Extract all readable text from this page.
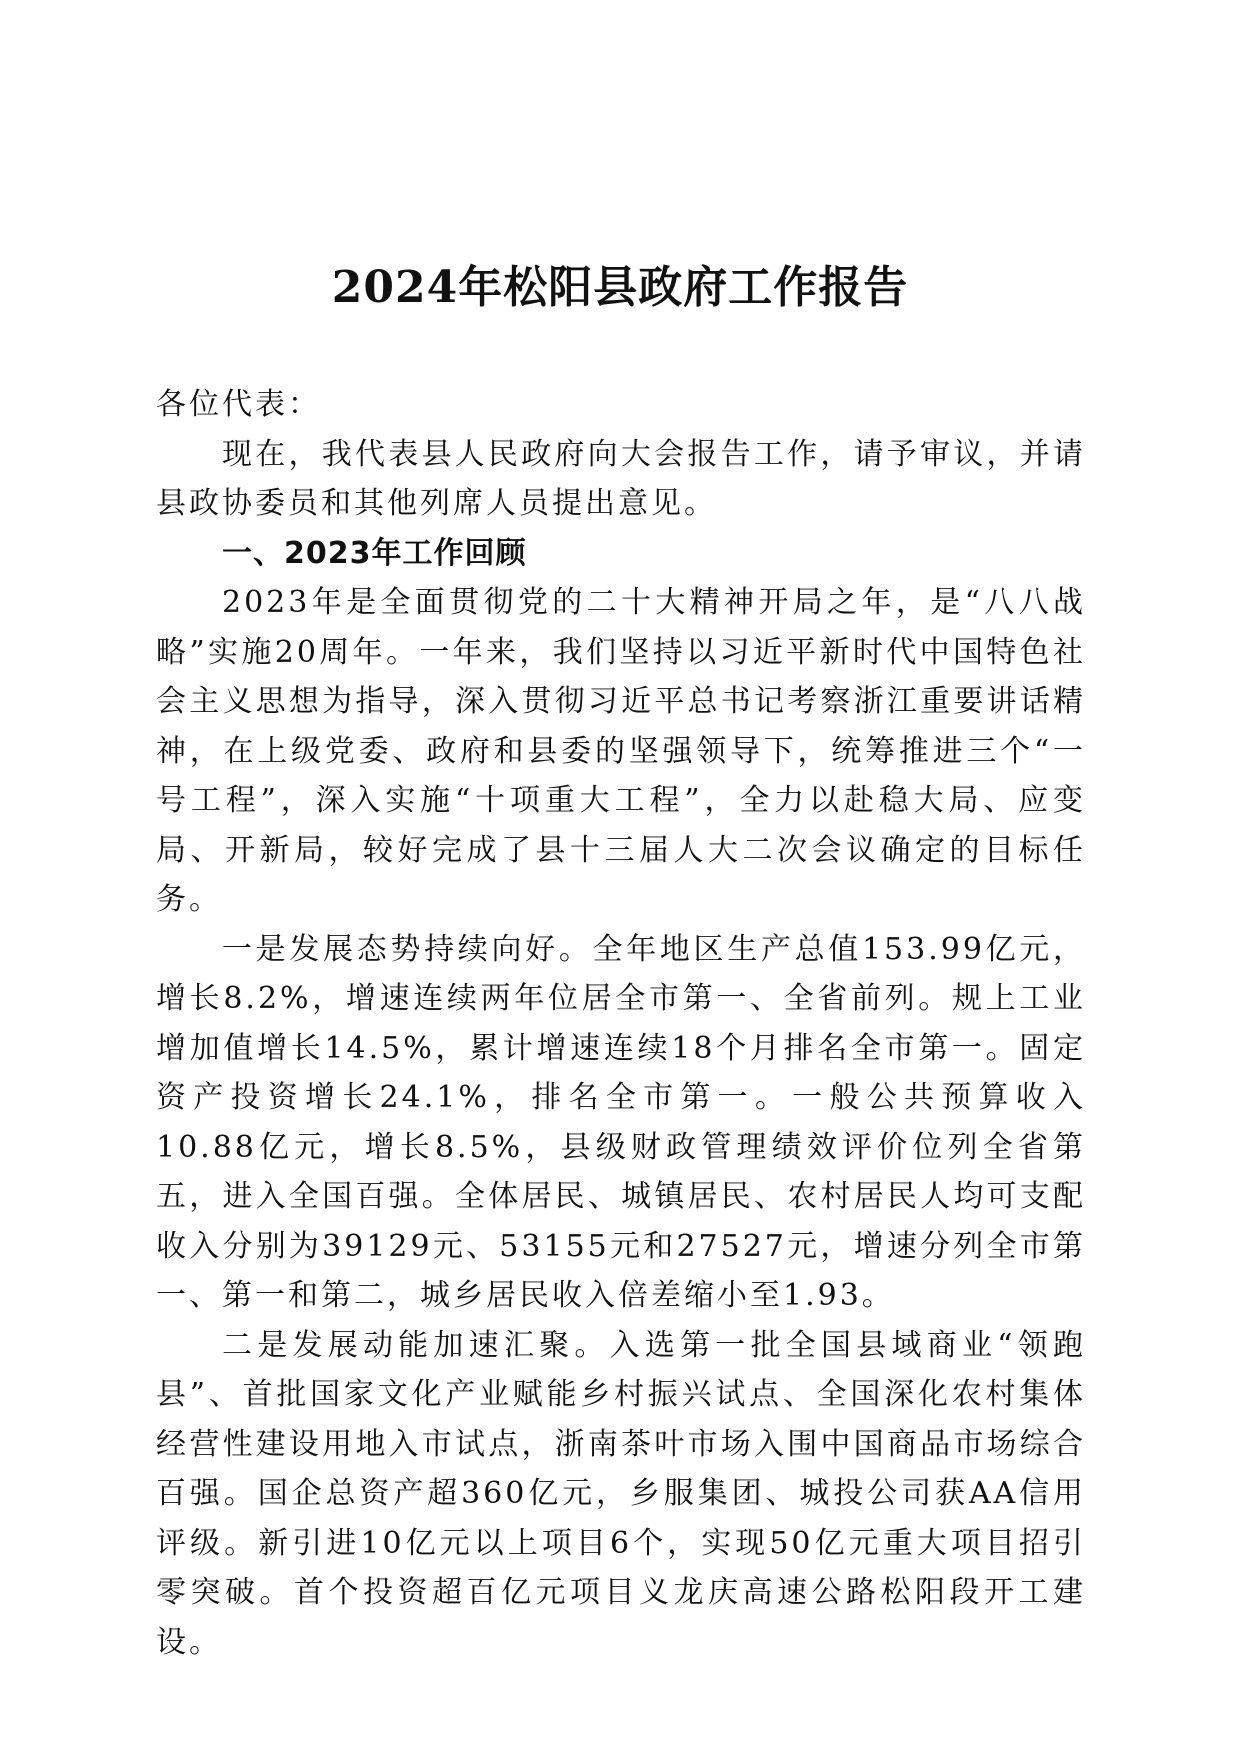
2024年松阳县政府工作报告

各位代表：

现在，我代表县人民政府向大会报告工作，请予审议，并请县政协委员和其他列席人员提出意见。

一、2023年工作回顾

2023年是全面贯彻党的二十大精神开局之年，是“八八战略”实施20周年。一年来，我们坚持以习近平新时代中国特色社会主义思想为指导，深入贯彻习近平总书记考察浙江重要讲话精神，在上级党委、政府和县委的坚强领导下，统筹推进三个“一号工程”，深入实施“十项重大工程”，全力以赴稳大局、应变局、开新局，较好完成了县十三届人大二次会议确定的目标任务。

一是发展态势持续向好。全年地区生产总值153.99亿元，增长8.2%，增速连续两年位居全市第一、全省前列。规上工业增加值增长14.5%，累计增速连续18个月排名全市第一。固定资产投资增长24.1%，排名全市第一。一般公共预算收入10.88亿元，增长8.5%，县级财政管理绩效评价位列全省第五，进入全国百强。全体居民、城镇居民、农村居民人均可支配收入分别为39129元、53155元和27527元，增速分列全市第一、第一和第二，城乡居民收入倍差缩小至1.93。

二是发展动能加速汇聚。入选第一批全国县域商业“领跑县”、首批国家文化产业赋能乡村振兴试点、全国深化农村集体经营性建设用地入市试点，浙南茶叶市场入围中国商品市场综合百强。国企总资产超360亿元，乡服集团、城投公司获AA信用评级。新引进10亿元以上项目6个，实现50亿元重大项目招引零突破。首个投资超百亿元项目义龙庆高速公路松阳段开工建设。
